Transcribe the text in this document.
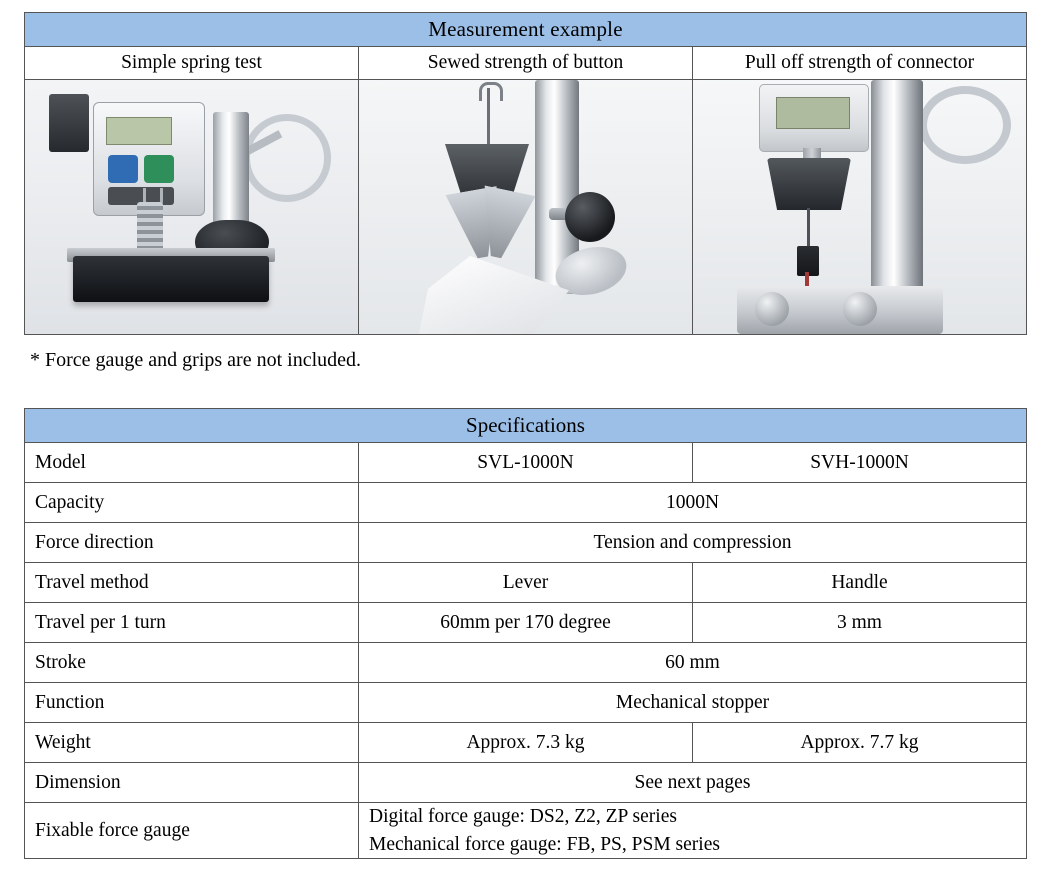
Measurement example		
Simple spring test	Sewed strength of button	Pull off strength of connector

* Force gauge and grips are not included.
Specifications		
Model	SVL-1000N	SVH-1000N
Capacity	1000N	
Force direction	Tension and compression	
Travel method	Lever	Handle
Travel per 1 turn	60mm per 170 degree	3 mm
Stroke	60 mm	
Function	Mechanical stopper	
Weight	Approx. 7.3 kg	Approx. 7.7 kg
Dimension	See next pages	
Fixable force gauge	Digital force gauge: DS2, Z2, ZP series
Mechanical force gauge: FB, PS, PSM series	
